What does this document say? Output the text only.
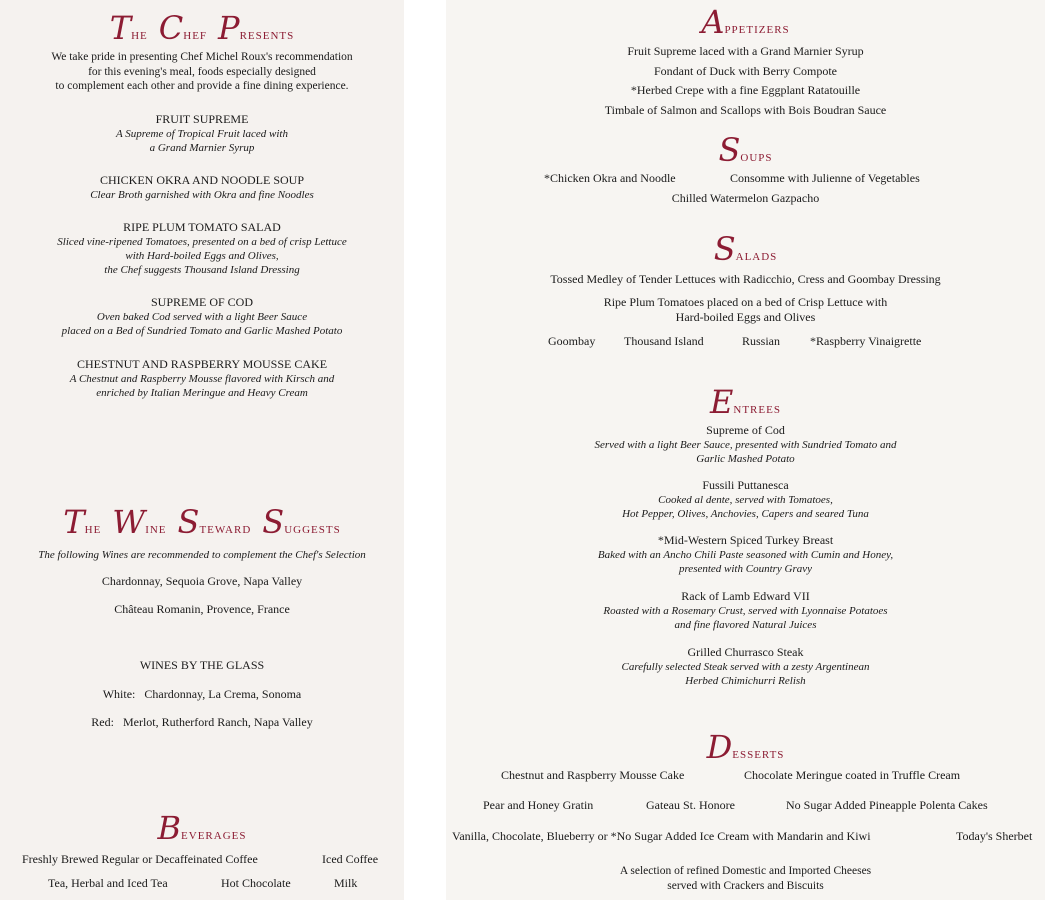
The Chef Presents
We take pride in presenting Chef Michel Roux's recommendation
for this evening's meal, foods especially designed
to complement each other and provide a fine dining experience.
FRUIT SUPREME
A Supreme of Tropical Fruit laced with
a Grand Marnier Syrup
CHICKEN OKRA AND NOODLE SOUP
Clear Broth garnished with Okra and fine Noodles
RIPE PLUM TOMATO SALAD
Sliced vine-ripened Tomatoes, presented on a bed of crisp Lettuce
with Hard-boiled Eggs and Olives,
the Chef suggests Thousand Island Dressing
SUPREME OF COD
Oven baked Cod served with a light Beer Sauce
placed on a Bed of Sundried Tomato and Garlic Mashed Potato
CHESTNUT AND RASPBERRY MOUSSE CAKE
A Chestnut and Raspberry Mousse flavored with Kirsch and
enriched by Italian Meringue and Heavy Cream
The Wine Steward Suggests
The following Wines are recommended to complement the Chef's Selection
Chardonnay, Sequoia Grove, Napa Valley
Château Romanin, Provence, France
WINES BY THE GLASS
White:   Chardonnay, La Crema, Sonoma
Red:   Merlot, Rutherford Ranch, Napa Valley
Beverages
Freshly Brewed Regular or Decaffeinated Coffee	Iced Coffee
Tea, Herbal and Iced Tea	Hot Chocolate	Milk
Appetizers
Fruit Supreme laced with a Grand Marnier Syrup
Fondant of Duck with Berry Compote
*Herbed Crepe with a fine Eggplant Ratatouille
Timbale of Salmon and Scallops with Bois Boudran Sauce
Soups
*Chicken Okra and Noodle	Consomme with Julienne of Vegetables
Chilled Watermelon Gazpacho
Salads
Tossed Medley of Tender Lettuces with Radicchio, Cress and Goombay Dressing
Ripe Plum Tomatoes placed on a bed of Crisp Lettuce with
Hard-boiled Eggs and Olives
Goombay Thousand Island	Russian *Raspberry Vinaigrette
Entrees
Supreme of Cod
Served with a light Beer Sauce, presented with Sundried Tomato and
Garlic Mashed Potato
Fussili Puttanesca
Cooked al dente, served with Tomatoes,
Hot Pepper, Olives, Anchovies, Capers and seared Tuna
*Mid-Western Spiced Turkey Breast
Baked with an Ancho Chili Paste seasoned with Cumin and Honey,
presented with Country Gravy
Rack of Lamb Edward VII
Roasted with a Rosemary Crust, served with Lyonnaise Potatoes
and fine flavored Natural Juices
Grilled Churrasco Steak
Carefully selected Steak served with a zesty Argentinean
Herbed Chimichurri Relish
Desserts
Chestnut and Raspberry Mousse Cake	Chocolate Meringue coated in Truffle Cream
Pear and Honey Gratin	Gateau St. Honore	No Sugar Added Pineapple Polenta Cakes
Vanilla, Chocolate, Blueberry or *No Sugar Added Ice Cream with Mandarin and Kiwi	Today's Sherbet
A selection of refined Domestic and Imported Cheeses
served with Crackers and Biscuits
